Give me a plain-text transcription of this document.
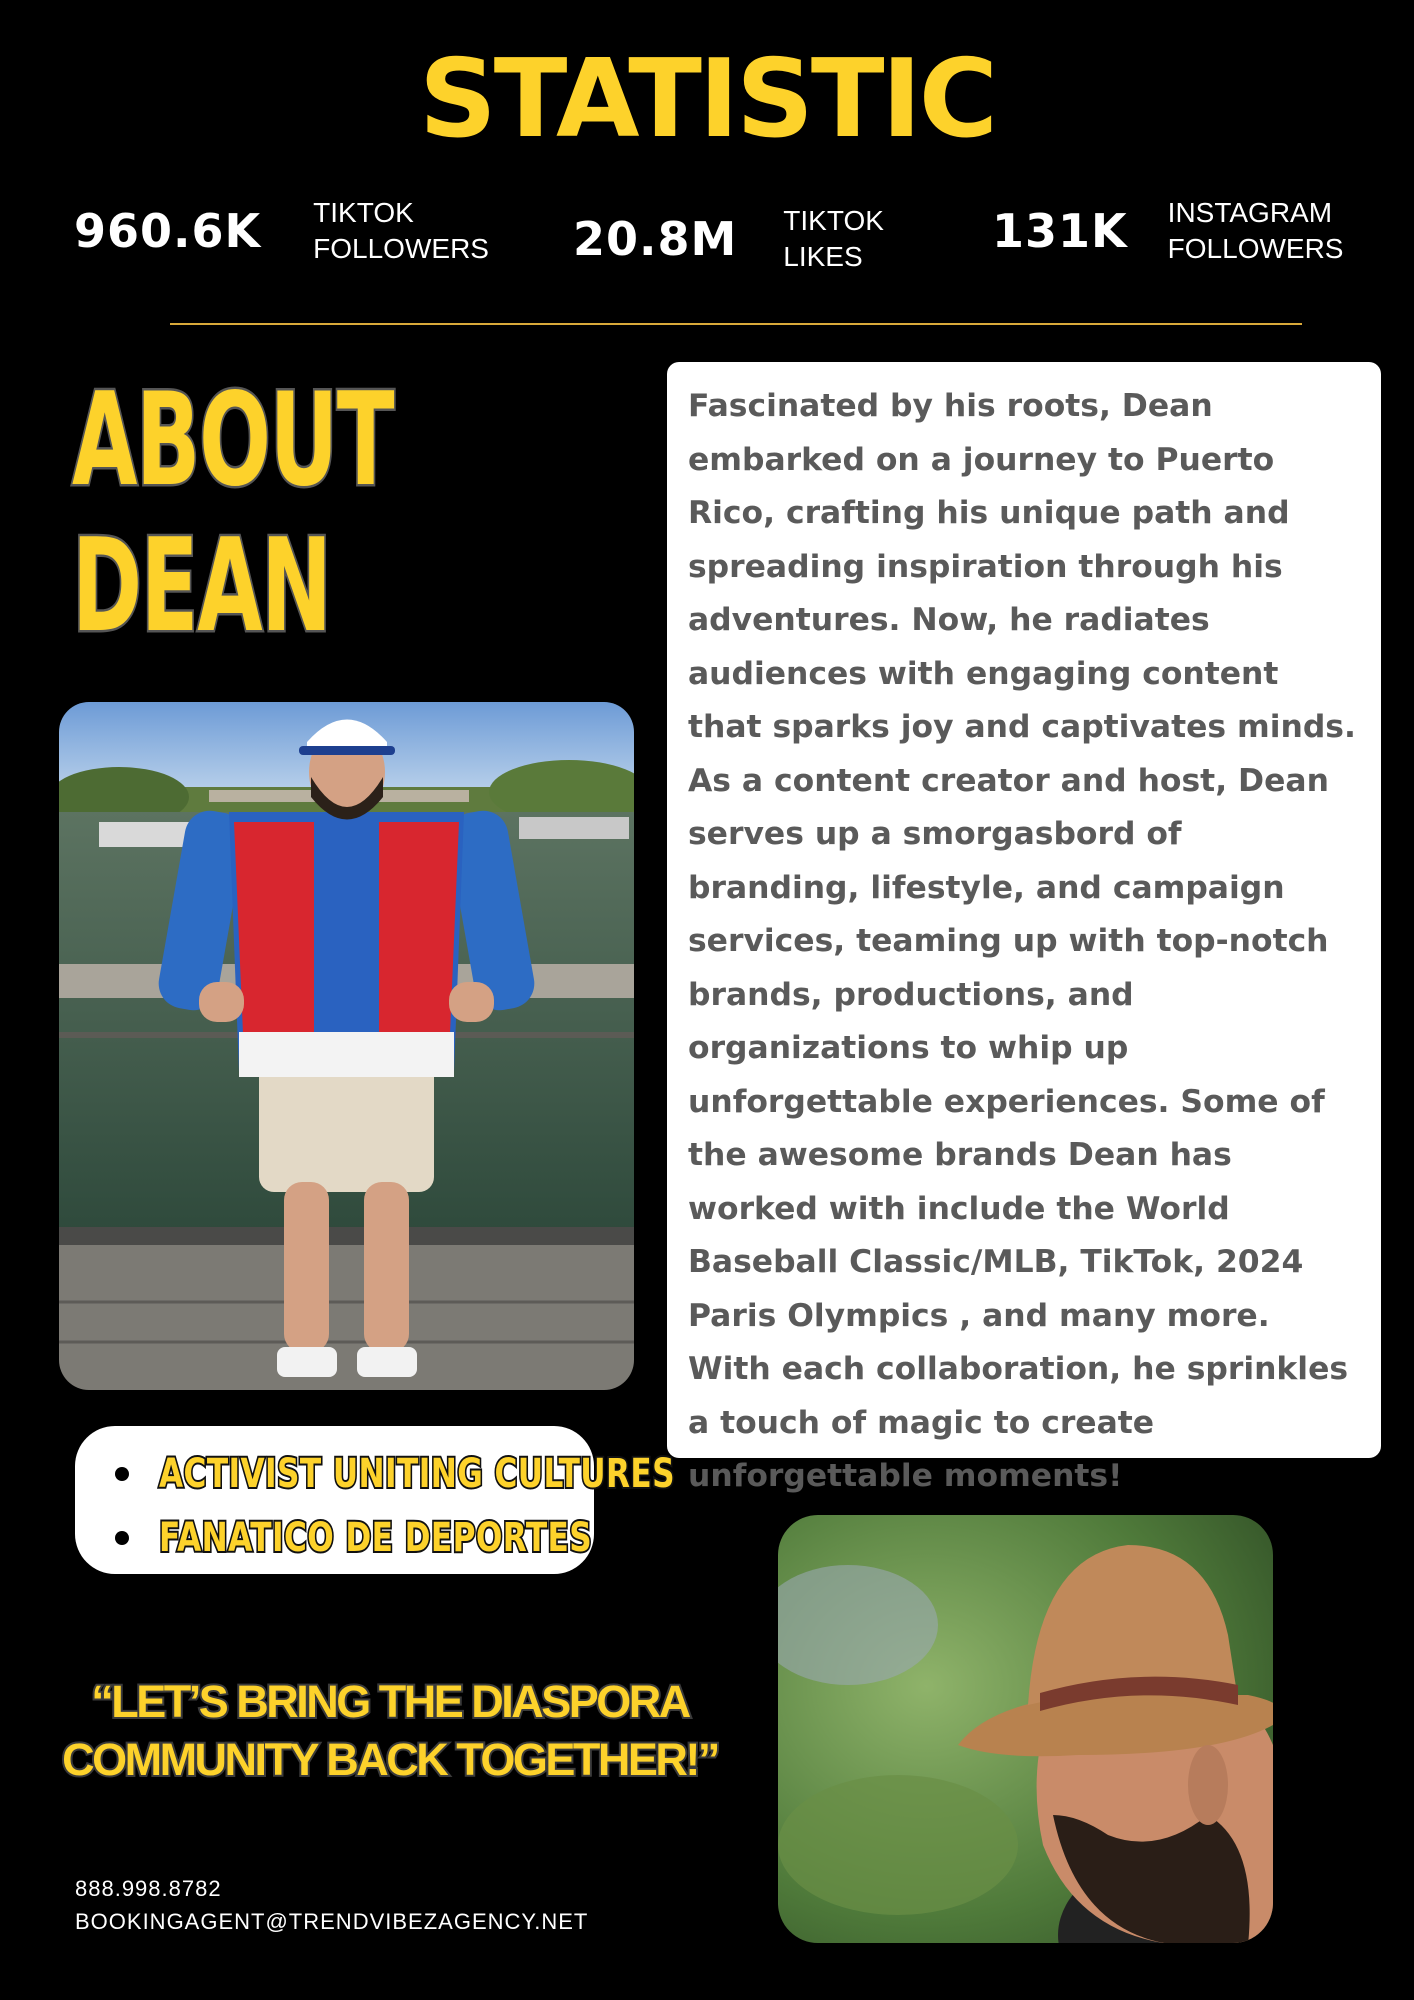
STATISTIC
960.6K TIKTOK
FOLLOWERS 20.8M TIKTOK
LIKES	131K INSTAGRAM
FOLLOWERS
ABOUT
DEAN

Fascinated by his roots, Dean embarked on a journey to Puerto Rico, crafting his unique path and spreading inspiration through his adventures. Now, he radiates audiences with engaging content that sparks joy and captivates minds. As a content creator and host, Dean serves up a smorgasbord of branding, lifestyle, and campaign services, teaming up with top-notch brands, productions, and organizations to whip up unforgettable experiences. Some of the awesome brands Dean has worked with include the World Baseball Classic/MLB, TikTok, 2024 Paris Olympics , and many more. With each collaboration, he sprinkles a touch of magic to create unforgettable moments!

ACTIVIST UNITING CULTURES
FANATICO DE DEPORTES
“LET’S BRING THE DIASPORA
COMMUNITY BACK TOGETHER!”
888.998.8782
BOOKINGAGENT@TRENDVIBEZAGENCY.NET
